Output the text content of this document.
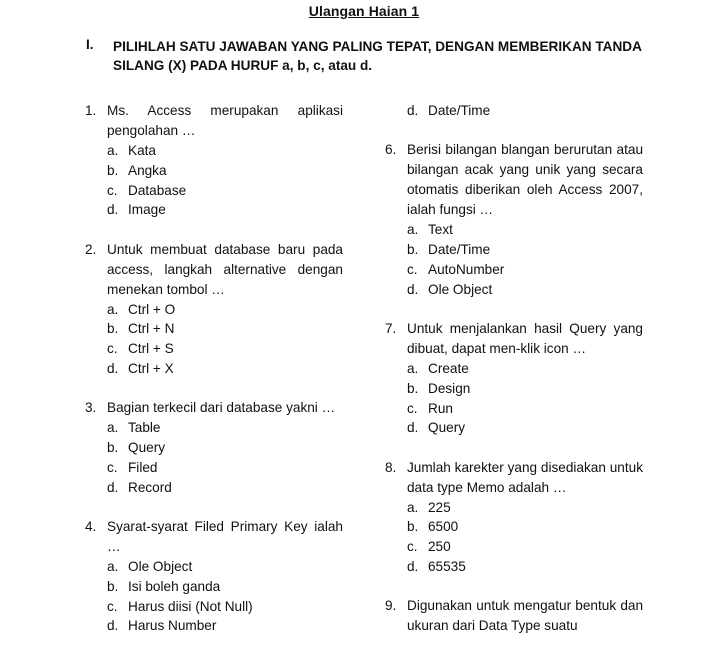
Ulangan Haian 1
I. PILIHLAH SATU JAWABAN YANG PALING TEPAT, DENGAN MEMBERIKAN TANDA SILANG (X) PADA HURUF a, b, c, atau d.
1. Ms. Access merupakan aplikasi pengolahan …
a. Kata
b. Angka
c. Database
d. Image
2. Untuk membuat database baru pada access, langkah alternative dengan menekan tombol …
a. Ctrl + O
b. Ctrl + N
c. Ctrl + S
d. Ctrl + X
3. Bagian terkecil dari database yakni …
a. Table
b. Query
c. Filed
d. Record
4. Syarat-syarat Filed Primary Key ialah …
a. Ole Object
b. Isi boleh ganda
c. Harus diisi (Not Null)
d. Harus Number
d. Date/Time
6. Berisi bilangan blangan berurutan atau bilangan acak yang unik yang secara otomatis diberikan oleh Access 2007, ialah fungsi …
a. Text
b. Date/Time
c. AutoNumber
d. Ole Object
7. Untuk menjalankan hasil Query yang dibuat, dapat men-klik icon …
a. Create
b. Design
c. Run
d. Query
8. Jumlah karekter yang disediakan untuk data type Memo adalah …
a. 225
b. 6500
c. 250
d. 65535
9. Digunakan untuk mengatur bentuk dan ukuran dari Data Type suatu
